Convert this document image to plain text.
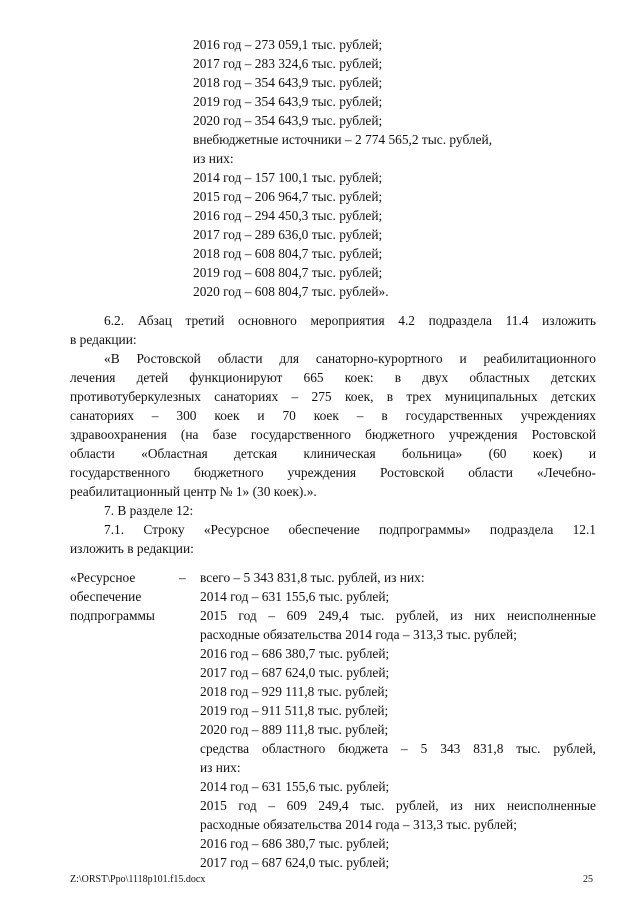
2016 год – 273 059,1 тыс. рублей;
2017 год – 283 324,6 тыс. рублей;
2018 год – 354 643,9 тыс. рублей;
2019 год – 354 643,9 тыс. рублей;
2020 год – 354 643,9 тыс. рублей;
внебюджетные источники – 2 774 565,2 тыс. рублей,
из них:
2014 год – 157 100,1 тыс. рублей;
2015 год – 206 964,7 тыс. рублей;
2016 год – 294 450,3 тыс. рублей;
2017 год – 289 636,0 тыс. рублей;
2018 год – 608 804,7 тыс. рублей;
2019 год – 608 804,7 тыс. рублей;
2020 год – 608 804,7 тыс. рублей».
6.2. Абзац третий основного мероприятия 4.2 подраздела 11.4 изложить
в редакции:
«В Ростовской области для санаторно-курортного и реабилитационного
лечения детей функционируют 665 коек: в двух областных детских
противотуберкулезных санаториях – 275 коек, в трех муниципальных детских
санаториях – 300 коек и 70 коек – в государственных учреждениях
здравоохранения (на базе государственного бюджетного учреждения Ростовской
области «Областная детская клиническая больница» (60 коек) и
государственного бюджетного учреждения Ростовской области «Лечебно-
реабилитационный центр № 1» (30 коек).».
7. В разделе 12:
7.1. Строку «Ресурсное обеспечение подпрограммы» подраздела 12.1
изложить в редакции:
«Ресурсное
обеспечение
подпрограммы
– всего – 5 343 831,8 тыс. рублей, из них:
2014 год – 631 155,6 тыс. рублей;
2015 год – 609 249,4 тыс. рублей, из них неисполненные
расходные обязательства 2014 года – 313,3 тыс. рублей;
2016 год – 686 380,7 тыс. рублей;
2017 год – 687 624,0 тыс. рублей;
2018 год – 929 111,8 тыс. рублей;
2019 год – 911 511,8 тыс. рублей;
2020 год – 889 111,8 тыс. рублей;
средства областного бюджета – 5 343 831,8 тыс. рублей,
из них:
2014 год – 631 155,6 тыс. рублей;
2015 год – 609 249,4 тыс. рублей, из них неисполненные
расходные обязательства 2014 года – 313,3 тыс. рублей;
2016 год – 686 380,7 тыс. рублей;
2017 год – 687 624,0 тыс. рублей;
Z:\ORST\Ppo\1118p101.f15.docx	25
